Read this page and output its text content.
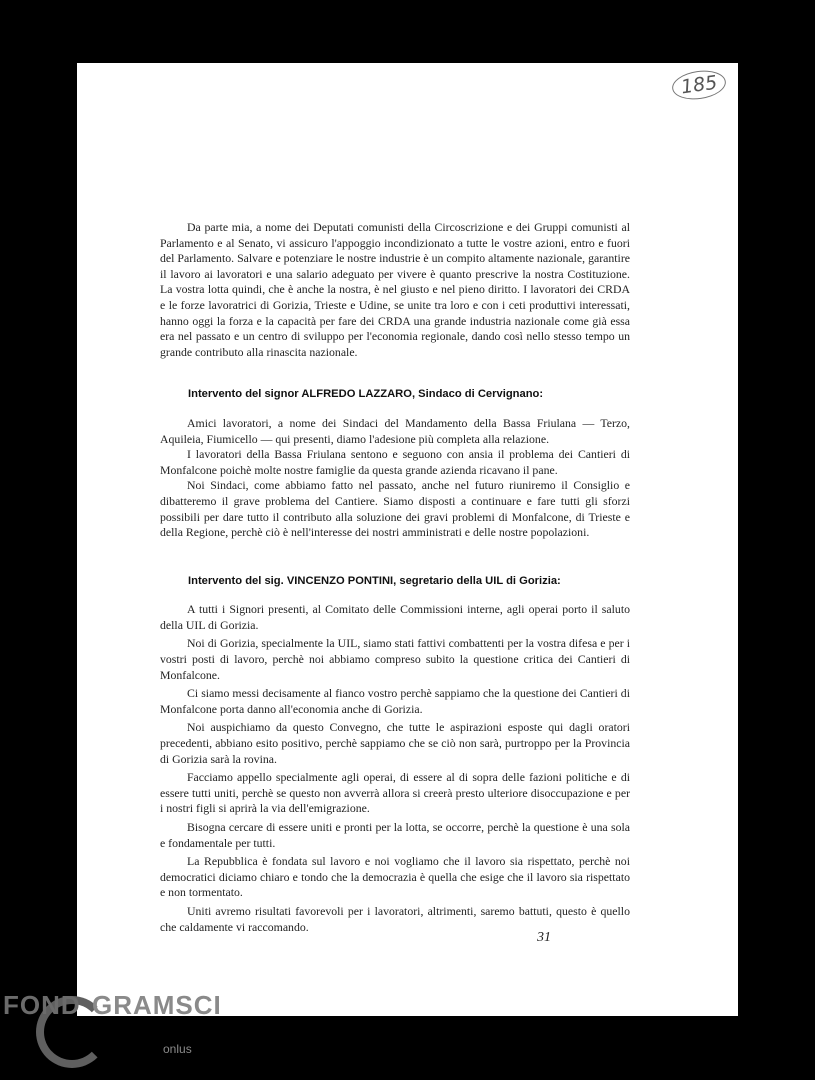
185

Da parte mia, a nome dei Deputati comunisti della Circoscrizione e dei Gruppi comunisti al Parlamento e al Senato, vi assicuro l'appoggio incondizionato a tutte le vostre azioni, entro e fuori del Parlamento. Salvare e potenziare le nostre industrie è un compito altamente nazionale, garantire il lavoro ai lavoratori e una salario adeguato per vivere è quanto prescrive la nostra Costituzione. La vostra lotta quindi, che è anche la nostra, è nel giusto e nel pieno diritto. I lavoratori dei CRDA e le forze lavoratrici di Gorizia, Trieste e Udine, se unite tra loro e con i ceti produttivi interessati, hanno oggi la forza e la capacità per fare dei CRDA una grande industria nazionale come già essa era nel passato e un centro di sviluppo per l'economia regionale, dando così nello stesso tempo un grande contributo alla rinascita nazionale.

Intervento del signor ALFREDO LAZZARO, Sindaco di Cervignano:

Amici lavoratori, a nome dei Sindaci del Mandamento della Bassa Friulana — Terzo, Aquileia, Fiumicello — qui presenti, diamo l'adesione più completa alla relazione.

I lavoratori della Bassa Friulana sentono e seguono con ansia il problema dei Cantieri di Monfalcone poichè molte nostre famiglie da questa grande azienda ricavano il pane.

Noi Sindaci, come abbiamo fatto nel passato, anche nel futuro riuniremo il Consiglio e dibatteremo il grave problema del Cantiere. Siamo disposti a continuare e fare tutti gli sforzi possibili per dare tutto il contributo alla soluzione dei gravi problemi di Monfalcone, di Trieste e della Regione, perchè ciò è nell'interesse dei nostri amministrati e delle nostre popolazioni.

Intervento del sig. VINCENZO PONTINI, segretario della UIL di Gorizia:

A tutti i Signori presenti, al Comitato delle Commissioni interne, agli operai porto il saluto della UIL di Gorizia.

Noi di Gorizia, specialmente la UIL, siamo stati fattivi combattenti per la vostra difesa e per i vostri posti di lavoro, perchè noi abbiamo compreso subito la questione critica dei Cantieri di Monfalcone.

Ci siamo messi decisamente al fianco vostro perchè sappiamo che la questione dei Cantieri di Monfalcone porta danno all'economia anche di Gorizia.

Noi auspichiamo da questo Convegno, che tutte le aspirazioni esposte qui dagli oratori precedenti, abbiano esito positivo, perchè sappiamo che se ciò non sarà, purtroppo per la Provincia di Gorizia sarà la rovina.

Facciamo appello specialmente agli operai, di essere al di sopra delle fazioni politiche e di essere tutti uniti, perchè se questo non avverrà allora si creerà presto ulteriore disoccupazione e per i nostri figli si aprirà la via dell'emigrazione.

Bisogna cercare di essere uniti e pronti per la lotta, se occorre, perchè la questione è una sola e fondamentale per tutti.

La Repubblica è fondata sul lavoro e noi vogliamo che il lavoro sia rispettato, perchè noi democratici diciamo chiaro e tondo che la democrazia è quella che esige che il lavoro sia rispettato e non tormentato.

Uniti avremo risultati favorevoli per i lavoratori, altrimenti, saremo battuti, questo è quello che caldamente vi raccomando.

31
FOND GRAMSCI
onlus
